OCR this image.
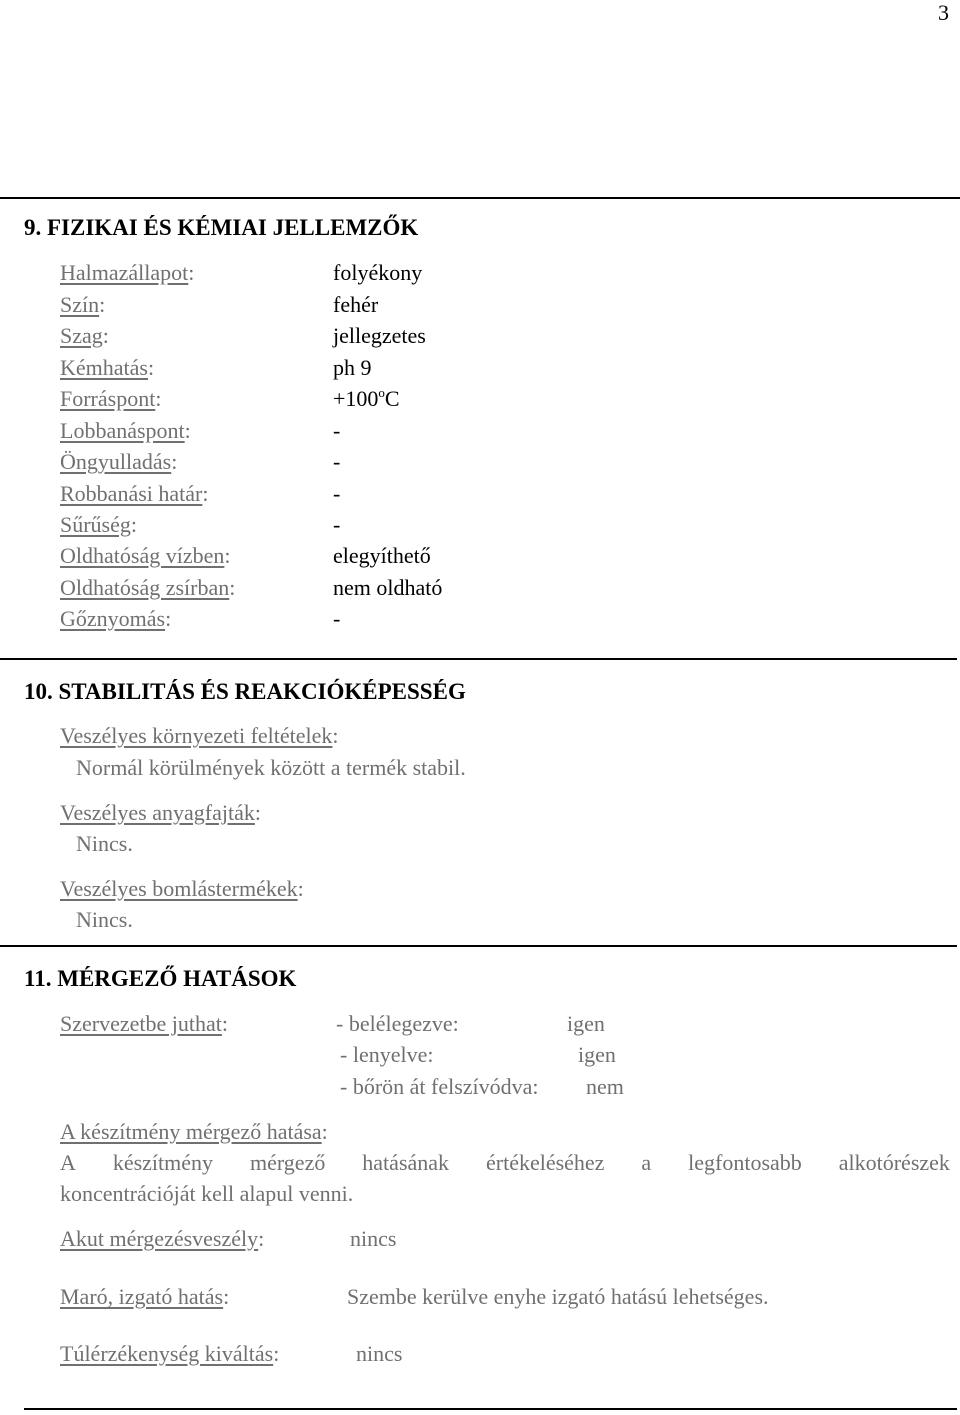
3
9. FIZIKAI ÉS KÉMIAI JELLEMZŐK
Halmazállapot:	folyékony
Szín:	fehér
Szag:	jellegzetes
Kémhatás:	ph 9
Forráspont:	$+100^oC$
Lobbanáspont:	-
Öngyulladás:	-
Robbanási határ:	-
Sűrűség:	-
Oldhatóság vízben:	elegyíthető
Oldhatóság zsírban:	nem oldható
Gőznyomás:	-
10. STABILITÁS ÉS REAKCIÓKÉPESSÉG
Veszélyes környezeti feltételek:
Normál körülmények között a termék stabil.
Veszélyes anyagfajták:
Nincs.
Veszélyes bomlástermékek:
Nincs.
11. MÉRGEZŐ HATÁSOK
Szervezetbe juthat:	- belélegezve:	igen
- lenyelve:	igen
- bőrön át felszívódva: nem
A készítmény mérgező hatása:
A készítmény mérgező hatásának értékeléséhez a legfontosabb alkotórészek
koncentrációját kell alapul venni.
Akut mérgezésveszély:	nincs
Maró, izgató hatás:	Szembe kerülve enyhe izgató hatású lehetséges.
Túlérzékenység kiváltás:	nincs
